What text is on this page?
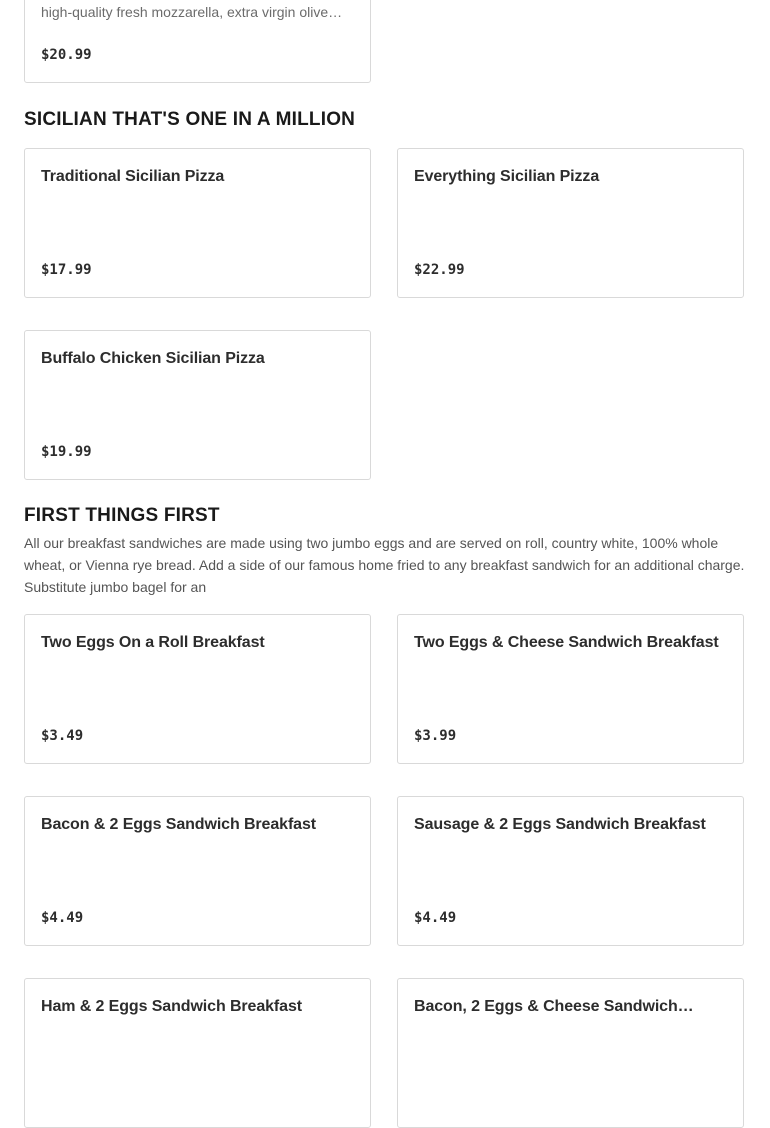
high-quality fresh mozzarella, extra virgin olive…
$20.99
SICILIAN THAT'S ONE IN A MILLION
Traditional Sicilian Pizza
$17.99
Everything Sicilian Pizza
$22.99
Buffalo Chicken Sicilian Pizza
$19.99
FIRST THINGS FIRST

All our breakfast sandwiches are made using two jumbo eggs and are served on roll, country white, 100% whole wheat, or Vienna rye bread. Add a side of our famous home fried to any breakfast sandwich for an additional charge. Substitute jumbo bagel for an

Two Eggs On a Roll Breakfast
$3.49
Two Eggs & Cheese Sandwich Breakfast
$3.99
Bacon & 2 Eggs Sandwich Breakfast
$4.49
Sausage & 2 Eggs Sandwich Breakfast
$4.49
Ham & 2 Eggs Sandwich Breakfast	Bacon, 2 Eggs & Cheese Sandwich…
